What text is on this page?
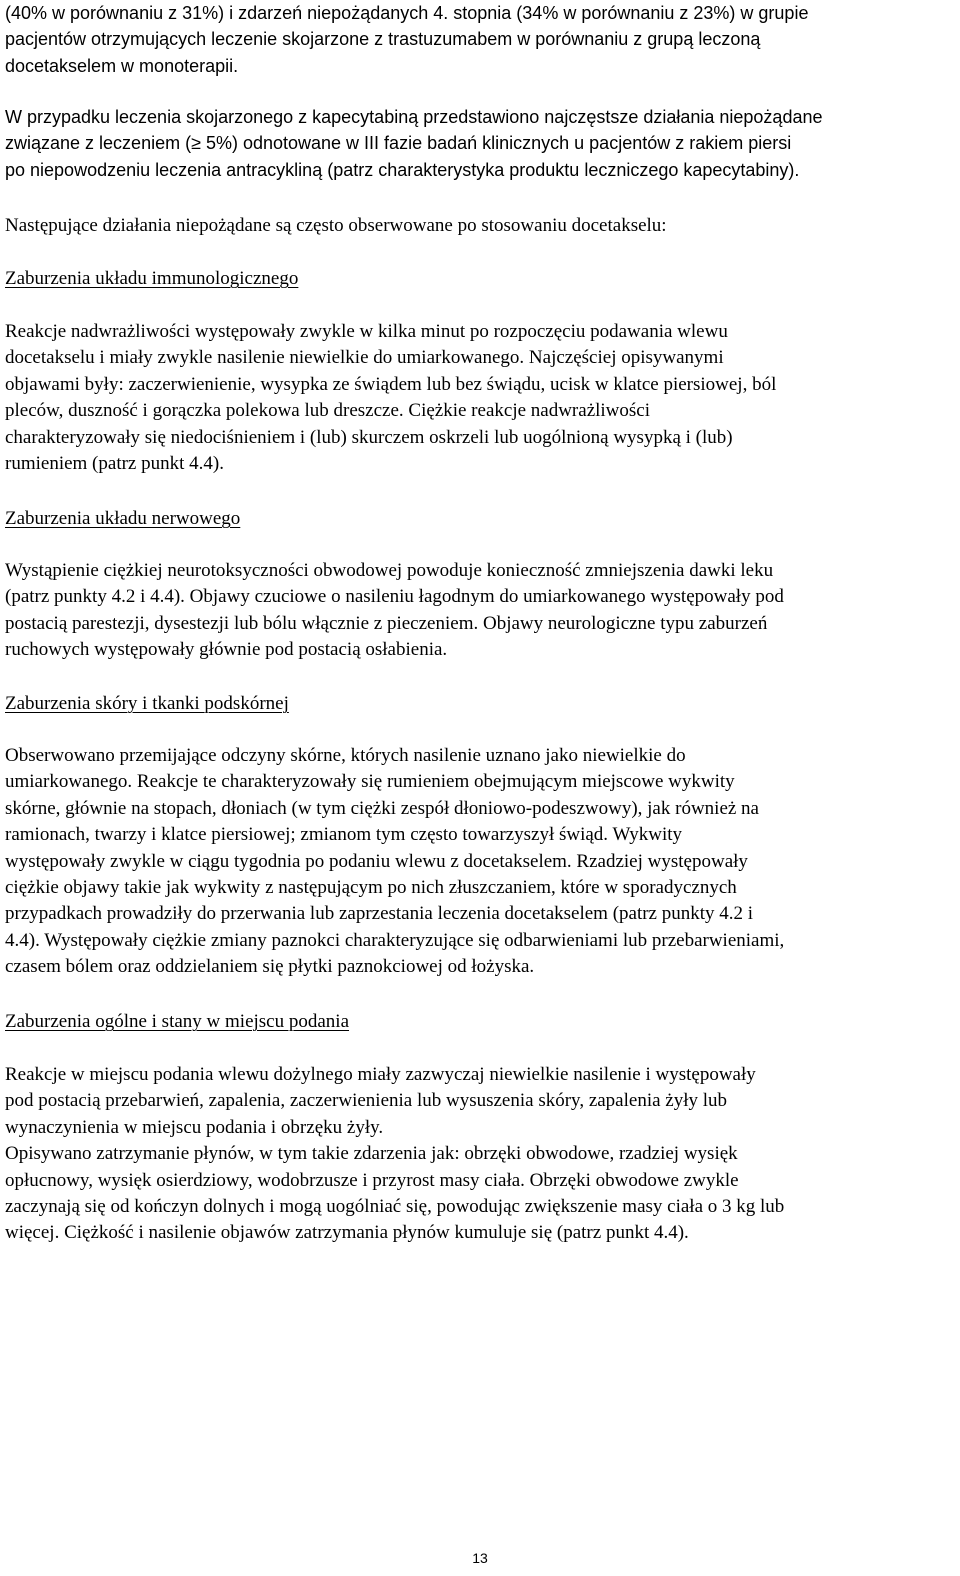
(40% w porównaniu z 31%) i zdarzeń niepożądanych 4. stopnia (34% w porównaniu z 23%) w grupie
pacjentów otrzymujących leczenie skojarzone z trastuzumabem w porównaniu z grupą leczoną
docetakselem w monoterapii.

W przypadku leczenia skojarzonego z kapecytabiną przedstawiono najczęstsze działania niepożądane
związane z leczeniem (≥ 5%) odnotowane w III fazie badań klinicznych u pacjentów z rakiem piersi
po niepowodzeniu leczenia antracykliną (patrz charakterystyka produktu leczniczego kapecytabiny).

Następujące działania niepożądane są często obserwowane po stosowaniu docetakselu:

Zaburzenia układu immunologicznego

Reakcje nadwrażliwości występowały zwykle w kilka minut po rozpoczęciu podawania wlewu
docetakselu i miały zwykle nasilenie niewielkie do umiarkowanego. Najczęściej opisywanymi
objawami były: zaczerwienienie, wysypka ze świądem lub bez świądu, ucisk w klatce piersiowej, ból
pleców, duszność i gorączka polekowa lub dreszcze. Ciężkie reakcje nadwrażliwości
charakteryzowały się niedociśnieniem i (lub) skurczem oskrzeli lub uogólnioną wysypką i (lub)
rumieniem (patrz punkt 4.4).

Zaburzenia układu nerwowego

Wystąpienie ciężkiej neurotoksyczności obwodowej powoduje konieczność zmniejszenia dawki leku
(patrz punkty 4.2 i 4.4). Objawy czuciowe o nasileniu łagodnym do umiarkowanego występowały pod
postacią parestezji, dysestezji lub bólu włącznie z pieczeniem. Objawy neurologiczne typu zaburzeń
ruchowych występowały głównie pod postacią osłabienia.

Zaburzenia skóry i tkanki podskórnej

Obserwowano przemijające odczyny skórne, których nasilenie uznano jako niewielkie do
umiarkowanego. Reakcje te charakteryzowały się rumieniem obejmującym miejscowe wykwity
skórne, głównie na stopach, dłoniach (w tym ciężki zespół dłoniowo-podeszwowy), jak również na
ramionach, twarzy i klatce piersiowej; zmianom tym często towarzyszył świąd. Wykwity
występowały zwykle w ciągu tygodnia po podaniu wlewu z docetakselem. Rzadziej występowały
ciężkie objawy takie jak wykwity z następującym po nich złuszczaniem, które w sporadycznych
przypadkach prowadziły do przerwania lub zaprzestania leczenia docetakselem (patrz punkty 4.2 i
4.4). Występowały ciężkie zmiany paznokci charakteryzujące się odbarwieniami lub przebarwieniami,
czasem bólem oraz oddzielaniem się płytki paznokciowej od łożyska.

Zaburzenia ogólne i stany w miejscu podania

Reakcje w miejscu podania wlewu dożylnego miały zazwyczaj niewielkie nasilenie i występowały
pod postacią przebarwień, zapalenia, zaczerwienienia lub wysuszenia skóry, zapalenia żyły lub
wynaczynienia w miejscu podania i obrzęku żyły.
Opisywano zatrzymanie płynów, w tym takie zdarzenia jak: obrzęki obwodowe, rzadziej wysięk
opłucnowy, wysięk osierdziowy, wodobrzusze i przyrost masy ciała. Obrzęki obwodowe zwykle
zaczynają się od kończyn dolnych i mogą uogólniać się, powodując zwiększenie masy ciała o 3 kg lub
więcej. Ciężkość i nasilenie objawów zatrzymania płynów kumuluje się (patrz punkt 4.4).

13
